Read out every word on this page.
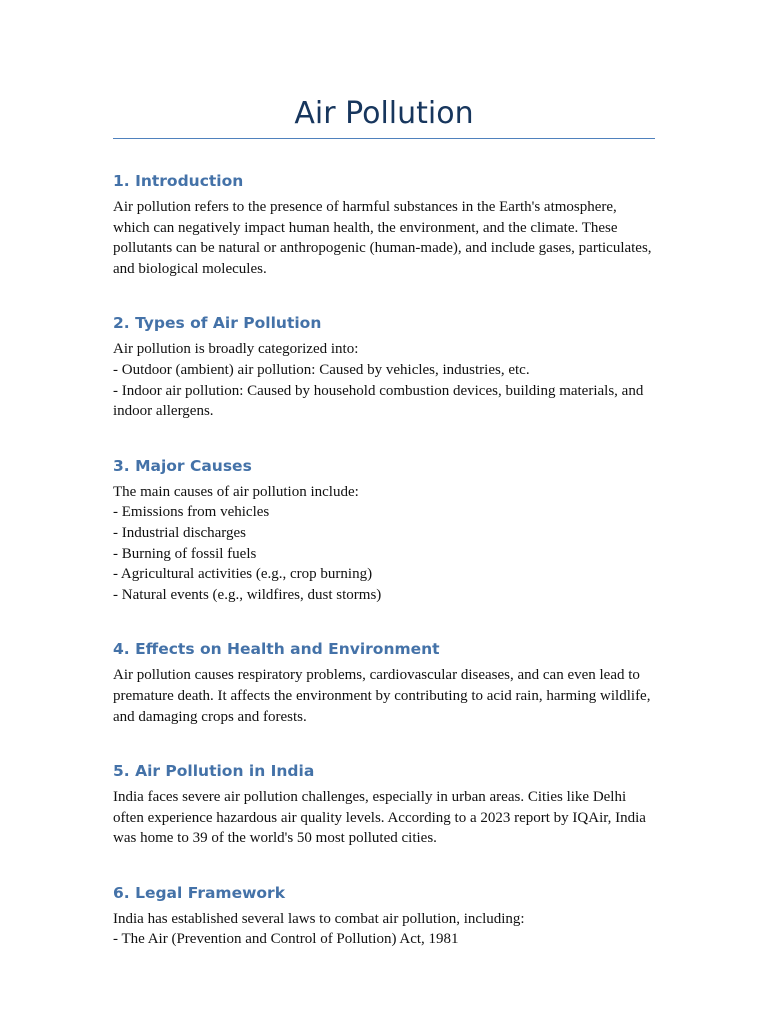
Air Pollution
1. Introduction

Air pollution refers to the presence of harmful substances in the Earth's atmosphere,
which can negatively impact human health, the environment, and the climate. These
pollutants can be natural or anthropogenic (human-made), and include gases, particulates,
and biological molecules.

2. Types of Air Pollution

Air pollution is broadly categorized into:
- Outdoor (ambient) air pollution: Caused by vehicles, industries, etc.
- Indoor air pollution: Caused by household combustion devices, building materials, and
indoor allergens.

3. Major Causes

The main causes of air pollution include:
- Emissions from vehicles
- Industrial discharges
- Burning of fossil fuels
- Agricultural activities (e.g., crop burning)
- Natural events (e.g., wildfires, dust storms)

4. Effects on Health and Environment

Air pollution causes respiratory problems, cardiovascular diseases, and can even lead to
premature death. It affects the environment by contributing to acid rain, harming wildlife,
and damaging crops and forests.

5. Air Pollution in India

India faces severe air pollution challenges, especially in urban areas. Cities like Delhi
often experience hazardous air quality levels. According to a 2023 report by IQAir, India
was home to 39 of the world's 50 most polluted cities.

6. Legal Framework

India has established several laws to combat air pollution, including:
- The Air (Prevention and Control of Pollution) Act, 1981
